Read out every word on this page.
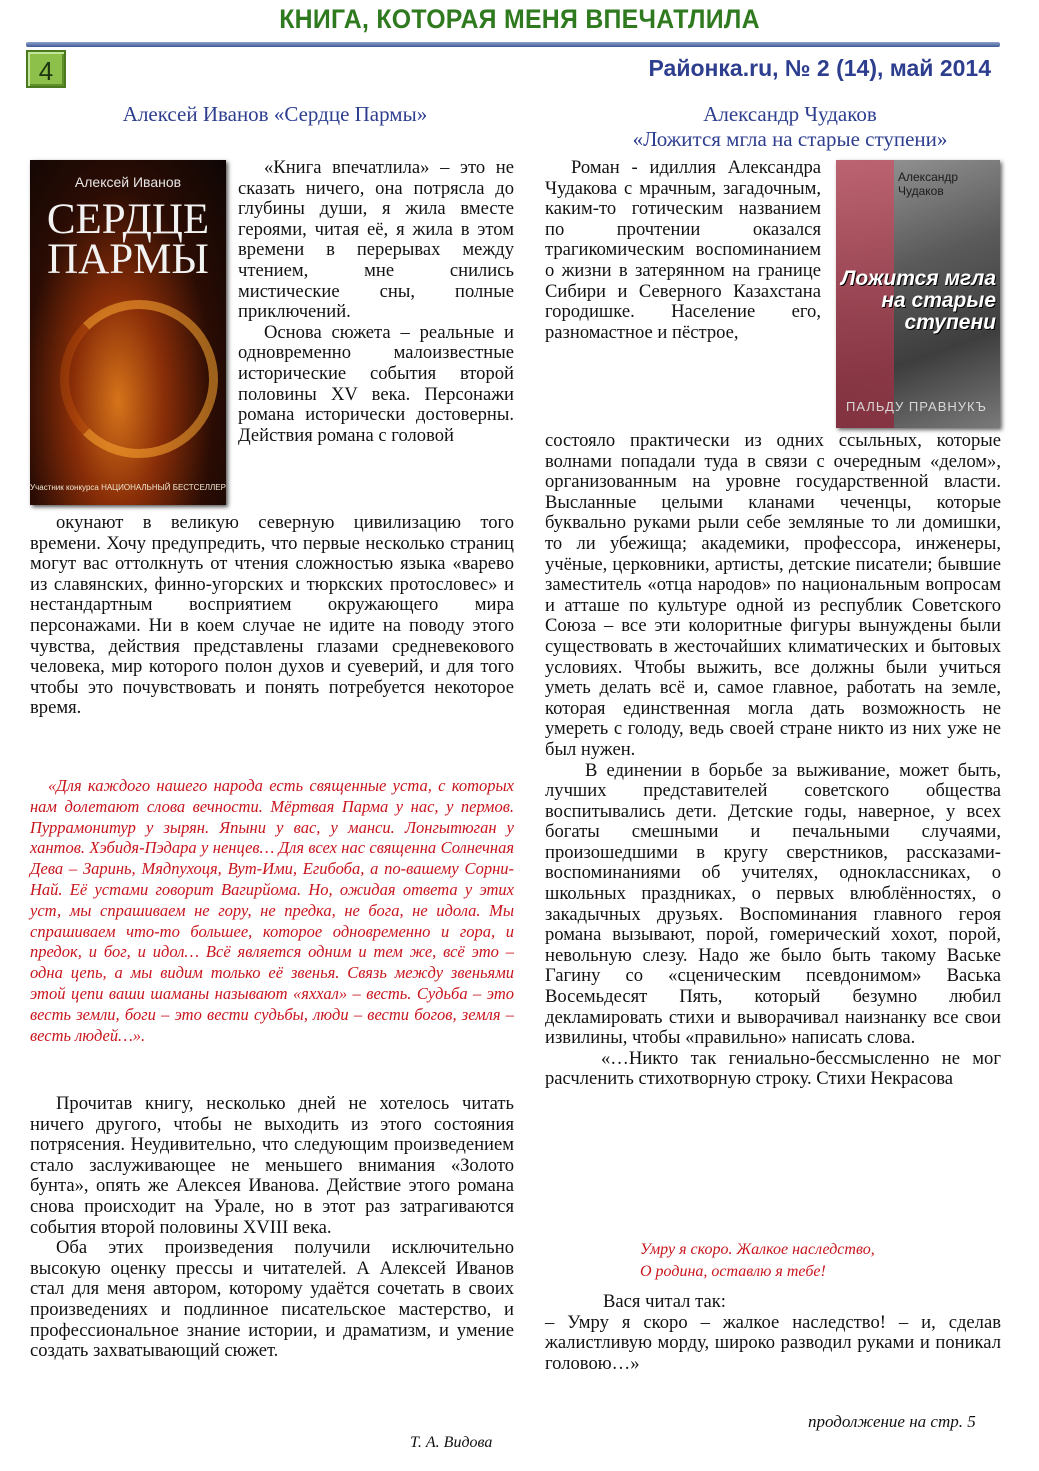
КНИГА, КОТОРАЯ МЕНЯ ВПЕЧАТЛИЛА
4	Районка.ru, № 2 (14), май 2014
Алексей Иванов «Сердце Пармы»
Алексей Иванов
СЕРДЦЕ
ПАРМЫ
Участник конкурса НАЦИОНАЛЬНЫЙ БЕСТСЕЛЛЕР

«Книга впечатлила» – это не сказать ничего, она потрясла до глубины души, я жила вместе героями, читая её, я жила в этом времени в перерывах между чтением, мне снились мистические сны, полные приключений.

Основа сюжета – реальные и одновременно малоизвестные исторические события второй половины XV века. Персонажи романа исторически достоверны. Действия романа с головой

окунают в великую северную цивилизацию того времени. Хочу предупредить, что первые несколько страниц могут вас оттолкнуть от чтения сложностью языка «варево из славянских, финно-угорских и тюркских протословес» и нестандартным восприятием окружающего мира персонажами. Ни в коем случае не идите на поводу этого чувства, действия представлены глазами средневекового человека, мир которого полон духов и суеверий, и для того чтобы это почувствовать и понять потребуется некоторое время.

«Для каждого нашего народа есть священные уста, с которых нам долетают слова вечности. Мёртвая Парма у нас, у пермов. Пуррамонитур у зырян. Япыни у вас, у манси. Лонгытюган у хантов. Хэбидя-Пэдара у ненцев… Для всех нас священна Солнечная Дева – Заринь, Мядпухоця, Вут-Ими, Егибоба, а по-вашему Сорни-Най. Её устами говорит Вагирйома. Но, ожидая ответа у этих уст, мы спрашиваем не гору, не предка, не бога, не идола. Мы спрашиваем что-то большее, которое одновременно и гора, и предок, и бог, и идол… Всё является одним и тем же, всё это – одна цепь, а мы видим только её звенья. Связь между звеньями этой цепи ваши шаманы называют «яххал» – весть. Судьба – это весть земли, боги – это вести судьбы, люди – вести богов, земля –весть людей…».

Прочитав книгу, несколько дней не хотелось читать ничего другого, чтобы не выходить из этого состояния потрясения. Неудивительно, что следующим произведением стало заслуживающее не меньшего внимания «Золото бунта», опять же Алексея Иванова. Действие этого романа снова происходит на Урале, но в этот раз затрагиваются события второй половины XVIII века.

Оба этих произведения получили исключительно высокую оценку прессы и читателей. А Алексей Иванов стал для меня автором, которому удаётся сочетать в своих произведениях и подлинное писательское мастерство, и профессиональное знание истории, и драматизм, и умение создать захватывающий сюжет.

Т. А. Видова
Александр Чудаков
«Ложится мгла на старые ступени»
Александр Чудаков
Ложится мгла на старые ступени
ПАЛЬДУ ПРАВНУКЪ

Роман - идиллия Александра Чудакова с мрачным, загадочным, каким-то готическим названием по прочтении оказался трагикомическим воспоминанием о жизни в затерянном на границе Сибири и Северного Казахстана городишке. Население его, разномастное и пёстрое,

состояло практически из одних ссыльных, которые волнами попадали туда в связи с очередным «делом», организованным на уровне государственной власти. Высланные целыми кланами чеченцы, которые буквально руками рыли себе земляные то ли домишки, то ли убежища; академики, профессора, инженеры, учёные, церковники, артисты, детские писатели; бывшие заместитель «отца народов» по национальным вопросам и атташе по культуре одной из республик Советского Союза – все эти колоритные фигуры вынуждены были существовать в жесточайших климатических и бытовых условиях. Чтобы выжить, все должны были учиться уметь делать всё и, самое главное, работать на земле, которая единственная могла дать возможность не умереть с голоду, ведь своей стране никто из них уже не был нужен.

В единении в борьбе за выживание, может быть, лучших представителей советского общества воспитывались дети. Детские годы, наверное, у всех богаты смешными и печальными случаями, произошедшими в кругу сверстников, рассказами-воспоминаниями об учителях, одноклассниках, о школьных праздниках, о первых влюблённостях, о закадычных друзьях. Воспоминания главного героя романа вызывают, порой, гомерический хохот, порой, невольную слезу. Надо же было быть такому Ваське Гагину со «сценическим псевдонимом» Васька Восемьдесят Пять, который безумно любил декламировать стихи и выворачивал наизнанку все свои извилины, чтобы «правильно» написать слова.

«…Никто так гениально-бессмысленно не мог расчленить стихотворную строку. Стихи Некрасова

Умру я скоро. Жалкое наследство,
О родина, оставлю я тебе!

Вася читал так:

– Умру я скоро – жалкое наследство! – и, сделав жалистливую морду, широко разводил руками и поникал головою…»

продолжение на стр. 5
